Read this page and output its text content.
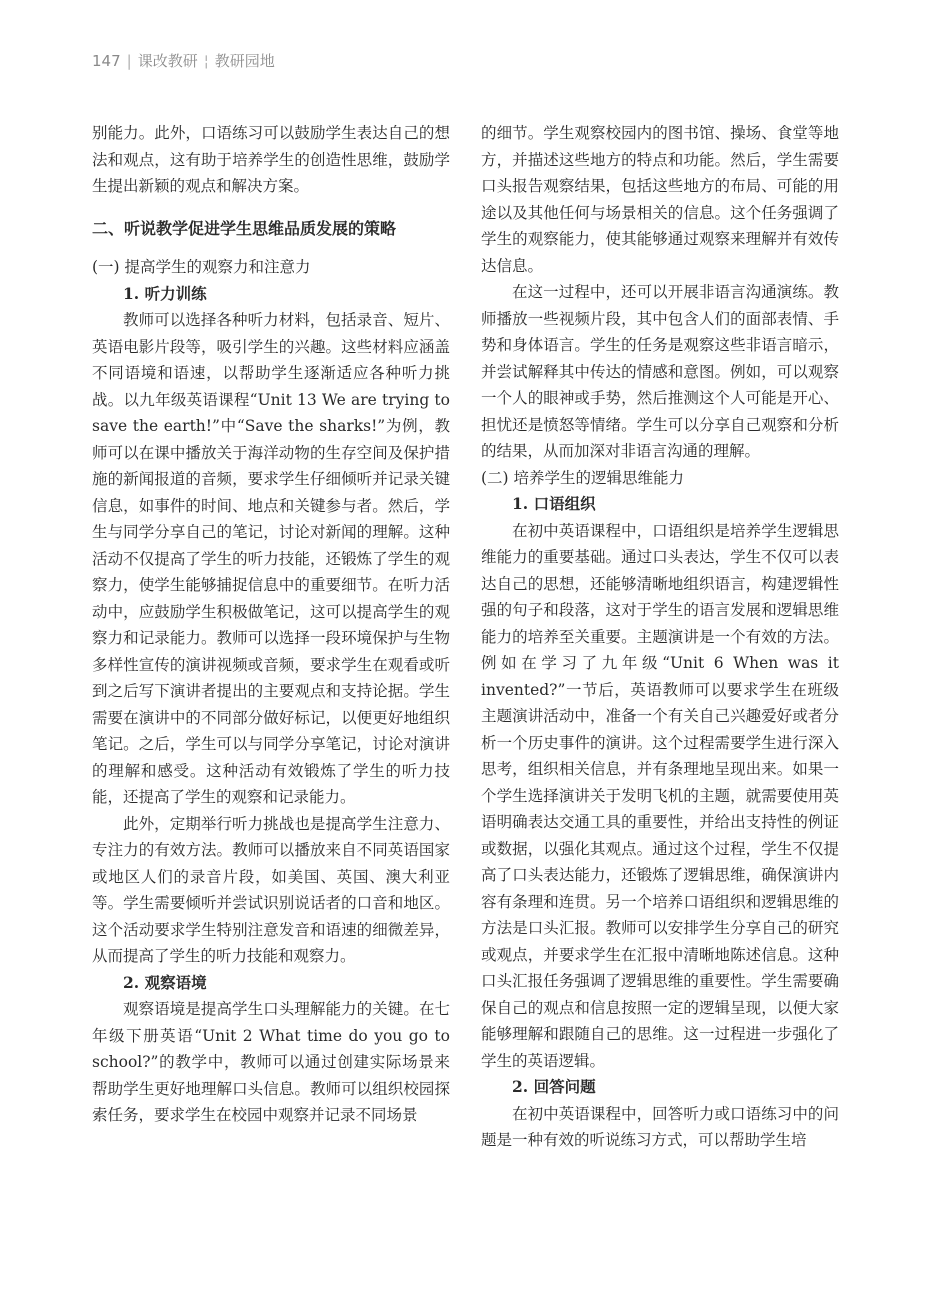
147 | 课改教研 ¦ 教研园地

别能力。此外，口语练习可以鼓励学生表达自己的想法和观点，这有助于培养学生的创造性思维，鼓励学生提出新颖的观点和解决方案。

二、听说教学促进学生思维品质发展的策略

(一) 提高学生的观察力和注意力

1. 听力训练

教师可以选择各种听力材料，包括录音、短片、英语电影片段等，吸引学生的兴趣。这些材料应涵盖不同语境和语速，以帮助学生逐渐适应各种听力挑战。以九年级英语课程“Unit 13 We are trying to save the earth!”中“Save the sharks!”为例，教师可以在课中播放关于海洋动物的生存空间及保护措施的新闻报道的音频，要求学生仔细倾听并记录关键信息，如事件的时间、地点和关键参与者。然后，学生与同学分享自己的笔记，讨论对新闻的理解。这种活动不仅提高了学生的听力技能，还锻炼了学生的观察力，使学生能够捕捉信息中的重要细节。在听力活动中，应鼓励学生积极做笔记，这可以提高学生的观察力和记录能力。教师可以选择一段环境保护与生物多样性宣传的演讲视频或音频，要求学生在观看或听到之后写下演讲者提出的主要观点和支持论据。学生需要在演讲中的不同部分做好标记，以便更好地组织笔记。之后，学生可以与同学分享笔记，讨论对演讲的理解和感受。这种活动有效锻炼了学生的听力技能，还提高了学生的观察和记录能力。

此外，定期举行听力挑战也是提高学生注意力、专注力的有效方法。教师可以播放来自不同英语国家或地区人们的录音片段，如美国、英国、澳大利亚等。学生需要倾听并尝试识别说话者的口音和地区。这个活动要求学生特别注意发音和语速的细微差异，从而提高了学生的听力技能和观察力。

2. 观察语境

观察语境是提高学生口头理解能力的关键。在七年级下册英语“Unit 2 What time do you go to school?”的教学中，教师可以通过创建实际场景来帮助学生更好地理解口头信息。教师可以组织校园探索任务，要求学生在校园中观察并记录不同场景

的细节。学生观察校园内的图书馆、操场、食堂等地方，并描述这些地方的特点和功能。然后，学生需要口头报告观察结果，包括这些地方的布局、可能的用途以及其他任何与场景相关的信息。这个任务强调了学生的观察能力，使其能够通过观察来理解并有效传达信息。

在这一过程中，还可以开展非语言沟通演练。教师播放一些视频片段，其中包含人们的面部表情、手势和身体语言。学生的任务是观察这些非语言暗示，并尝试解释其中传达的情感和意图。例如，可以观察一个人的眼神或手势，然后推测这个人可能是开心、担忧还是愤怒等情绪。学生可以分享自己观察和分析的结果，从而加深对非语言沟通的理解。

(二) 培养学生的逻辑思维能力

1. 口语组织

在初中英语课程中，口语组织是培养学生逻辑思维能力的重要基础。通过口头表达，学生不仅可以表达自己的思想，还能够清晰地组织语言，构建逻辑性强的句子和段落，这对于学生的语言发展和逻辑思维能力的培养至关重要。主题演讲是一个有效的方法。例如在学习了九年级“Unit 6 When was it invented?”一节后，英语教师可以要求学生在班级主题演讲活动中，准备一个有关自己兴趣爱好或者分析一个历史事件的演讲。这个过程需要学生进行深入思考，组织相关信息，并有条理地呈现出来。如果一个学生选择演讲关于发明飞机的主题，就需要使用英语明确表达交通工具的重要性，并给出支持性的例证或数据，以强化其观点。通过这个过程，学生不仅提高了口头表达能力，还锻炼了逻辑思维，确保演讲内容有条理和连贯。另一个培养口语组织和逻辑思维的方法是口头汇报。教师可以安排学生分享自己的研究或观点，并要求学生在汇报中清晰地陈述信息。这种口头汇报任务强调了逻辑思维的重要性。学生需要确保自己的观点和信息按照一定的逻辑呈现，以便大家能够理解和跟随自己的思维。这一过程进一步强化了学生的英语逻辑。

2. 回答问题

在初中英语课程中，回答听力或口语练习中的问题是一种有效的听说练习方式，可以帮助学生培
